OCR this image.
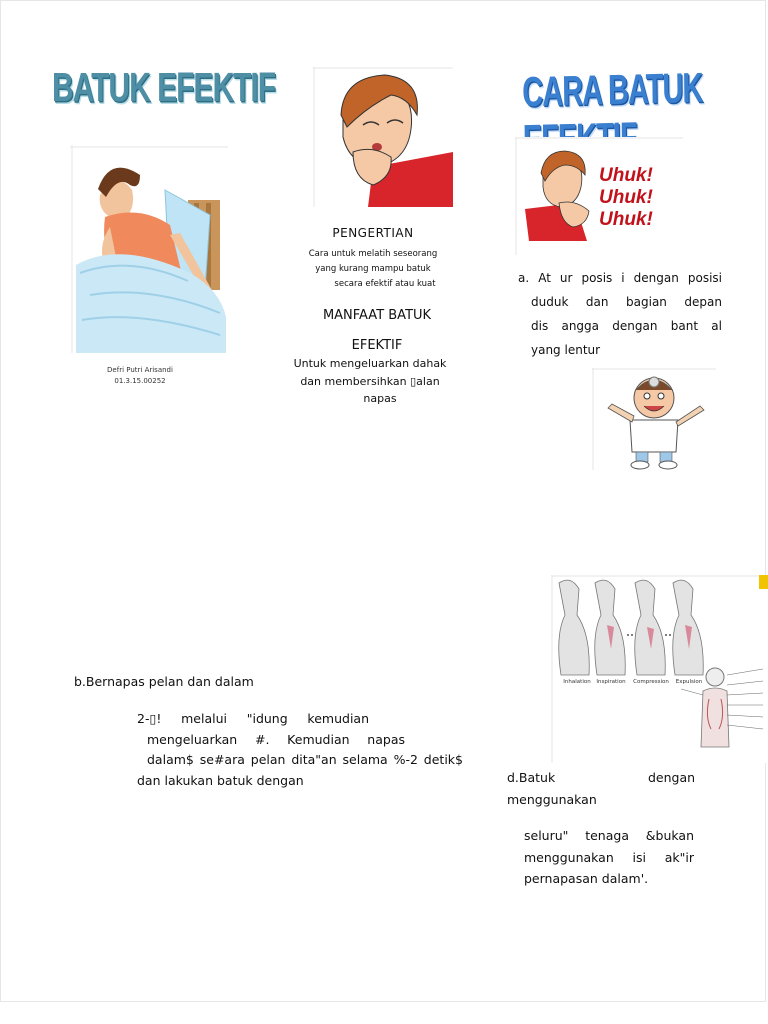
BATUK EFEKTIF
Defri Putri Arisandi
01.3.15.00252
PENGERTIAN
Cara untuk melatih seseorang
yang kurang mampu batuk
secara efektif atau kuat
MANFAAT BATUK
EFEKTIF
Untuk mengeluarkan dahak
dan membersihkan ▯alan
napas
CARA BATUK
Uhuk!
Uhuk!
Uhuk!
a. At ur posis i dengan posisi
duduk dan bagian depan
dis angga dengan bant al
yang lentur
b.Bernapas pelan dan dalam
2-▯! melalui "idung kemudian
mengeluarkan #. Kemudian napas
dalam$ se#ara pelan dita"an selama %-2 detik$
dan lakukan batuk dengan
Inhalation	Inspiration	Compression	Expulsion
d.Batuk	dengan
menggunakan
seluru" tenaga &bukan
menggunakan isi ak"ir
pernapasan dalam'.
